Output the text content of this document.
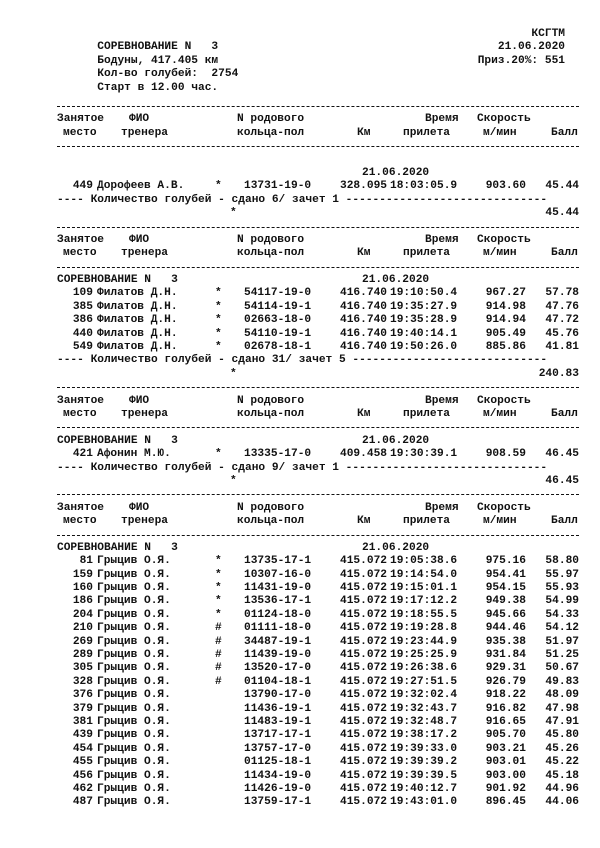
СОРЕВНОВАНИЕ N   3

КСГТМ

Бодуны, 417.405 км

21.06.2020

Кол-во голубей:  2754

Приз.20%: 551

Старт в 12.00 час.

Занятое ФИО	N родового	Время Скорость
место тренера	кольца-пол	Км	прилета	м/мин	Балл
21.06.2020
449 Дорофеев А.В.	* 13731-19-0	328.095 18:03:05.9	903.60	45.44
---- Количество голубей - сдано 6/ зачет 1 ------------------------------
*	45.44
Занятое ФИО	N родового	Время Скорость
место тренера	кольца-пол	Км	прилета	м/мин	Балл
СОРЕВНОВАНИЕ N   3	21.06.2020
109 Филатов Д.Н.	* 54117-19-0	416.740 19:10:50.4	967.27	57.78
385 Филатов Д.Н.	* 54114-19-1	416.740 19:35:27.9	914.98	47.76
386 Филатов Д.Н.	* 02663-18-0	416.740 19:35:28.9	914.94	47.72
440 Филатов Д.Н.	* 54110-19-1	416.740 19:40:14.1	905.49	45.76
549 Филатов Д.Н.	* 02678-18-1	416.740 19:50:26.0	885.86	41.81
---- Количество голубей - сдано 31/ зачет 5 -----------------------------
*	240.83
Занятое ФИО	N родового	Время Скорость
место тренера	кольца-пол	Км	прилета	м/мин	Балл
СОРЕВНОВАНИЕ N   3	21.06.2020
421 Афонин М.Ю.	* 13335-17-0	409.458 19:30:39.1	908.59	46.45
---- Количество голубей - сдано 9/ зачет 1 ------------------------------
*	46.45
Занятое ФИО	N родового	Время Скорость
место тренера	кольца-пол	Км	прилета	м/мин	Балл
СОРЕВНОВАНИЕ N   3	21.06.2020
81 Грыцив О.Я.	* 13735-17-1	415.072 19:05:38.6	975.16	58.80
159 Грыцив О.Я.	* 10307-16-0	415.072 19:14:54.0	954.41	55.97
160 Грыцив О.Я.	* 11431-19-0	415.072 19:15:01.1	954.15	55.93
186 Грыцив О.Я.	* 13536-17-1	415.072 19:17:12.2	949.38	54.99
204 Грыцив О.Я.	* 01124-18-0	415.072 19:18:55.5	945.66	54.33
210 Грыцив О.Я.	# 01111-18-0	415.072 19:19:28.8	944.46	54.12
269 Грыцив О.Я.	# 34487-19-1	415.072 19:23:44.9	935.38	51.97
289 Грыцив О.Я.	# 11439-19-0	415.072 19:25:25.9	931.84	51.25
305 Грыцив О.Я.	# 13520-17-0	415.072 19:26:38.6	929.31	50.67
328 Грыцив О.Я.	# 01104-18-1	415.072 19:27:51.5	926.79	49.83
376 Грыцив О.Я.	13790-17-0	415.072 19:32:02.4	918.22	48.09
379 Грыцив О.Я.	11436-19-1	415.072 19:32:43.7	916.82	47.98
381 Грыцив О.Я.	11483-19-1	415.072 19:32:48.7	916.65	47.91
439 Грыцив О.Я.	13717-17-1	415.072 19:38:17.2	905.70	45.80
454 Грыцив О.Я.	13757-17-0	415.072 19:39:33.0	903.21	45.26
455 Грыцив О.Я.	01125-18-1	415.072 19:39:39.2	903.01	45.22
456 Грыцив О.Я.	11434-19-0	415.072 19:39:39.5	903.00	45.18
462 Грыцив О.Я.	11426-19-0	415.072 19:40:12.7	901.92	44.96
487 Грыцив О.Я.	13759-17-1	415.072 19:43:01.0	896.45	44.06
